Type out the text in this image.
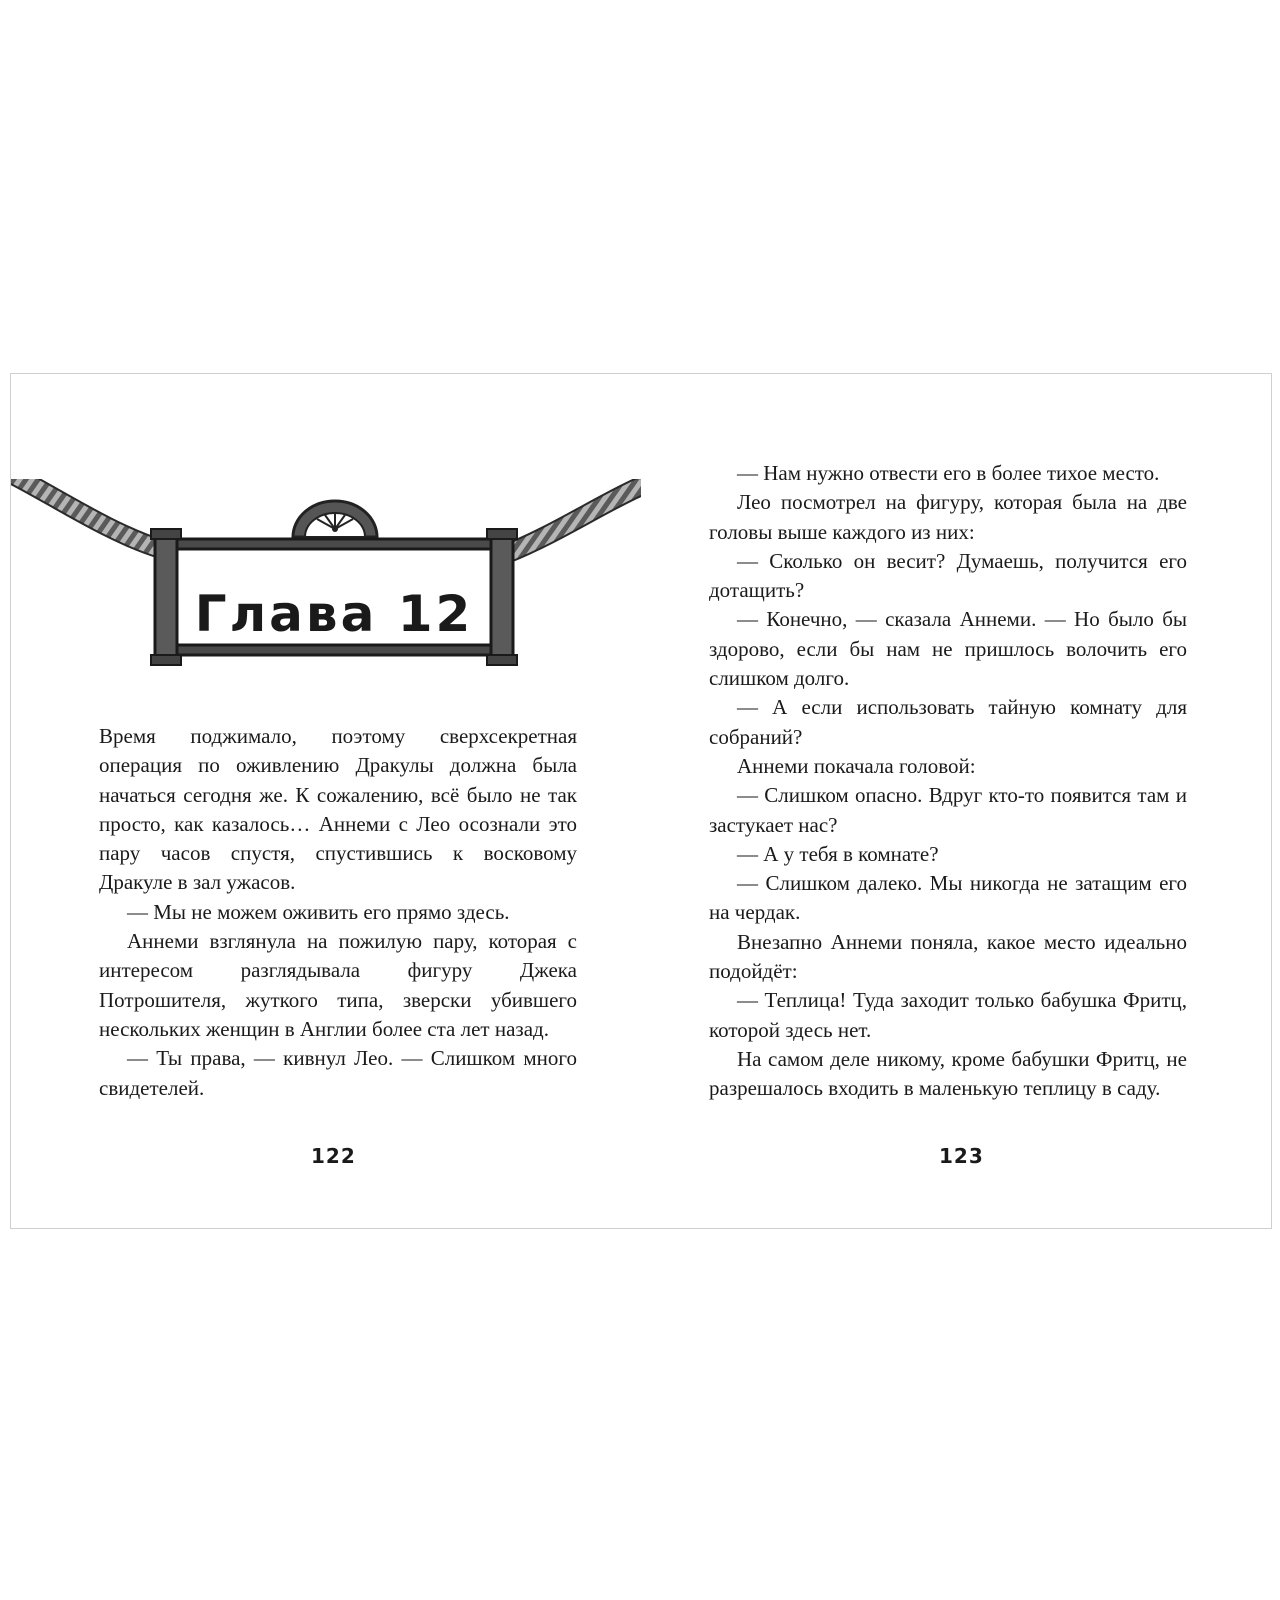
Глава 12

Время поджимало, поэтому сверхсекретная операция по оживлению Дракулы должна была начаться сегодня же. К сожалению, всё было не так просто, как казалось… Аннеми с Лео осознали это пару часов спустя, спустившись к восковому Дракуле в зал ужасов.

— Мы не можем оживить его прямо здесь.

Аннеми взглянула на пожилую пару, которая с интересом разглядывала фигуру Джека Потрошителя, жуткого типа, зверски убившего нескольких женщин в Англии более ста лет назад.

— Ты права, — кивнул Лео. — Слишком много свидетелей.

122

— Нам нужно отвести его в более тихое место.

Лео посмотрел на фигуру, которая была на две головы выше каждого из них:

— Сколько он весит? Думаешь, получится его дотащить?

— Конечно, — сказала Аннеми. — Но было бы здорово, если бы нам не пришлось волочить его слишком долго.

— А если использовать тайную комнату для собраний?

Аннеми покачала головой:

— Слишком опасно. Вдруг кто-то появится там и застукает нас?

— А у тебя в комнате?

— Слишком далеко. Мы никогда не затащим его на чердак.

Внезапно Аннеми поняла, какое место идеально подойдёт:

— Теплица! Туда заходит только бабушка Фритц, которой здесь нет.

На самом деле никому, кроме бабушки Фритц, не разрешалось входить в маленькую теплицу в саду.

123
